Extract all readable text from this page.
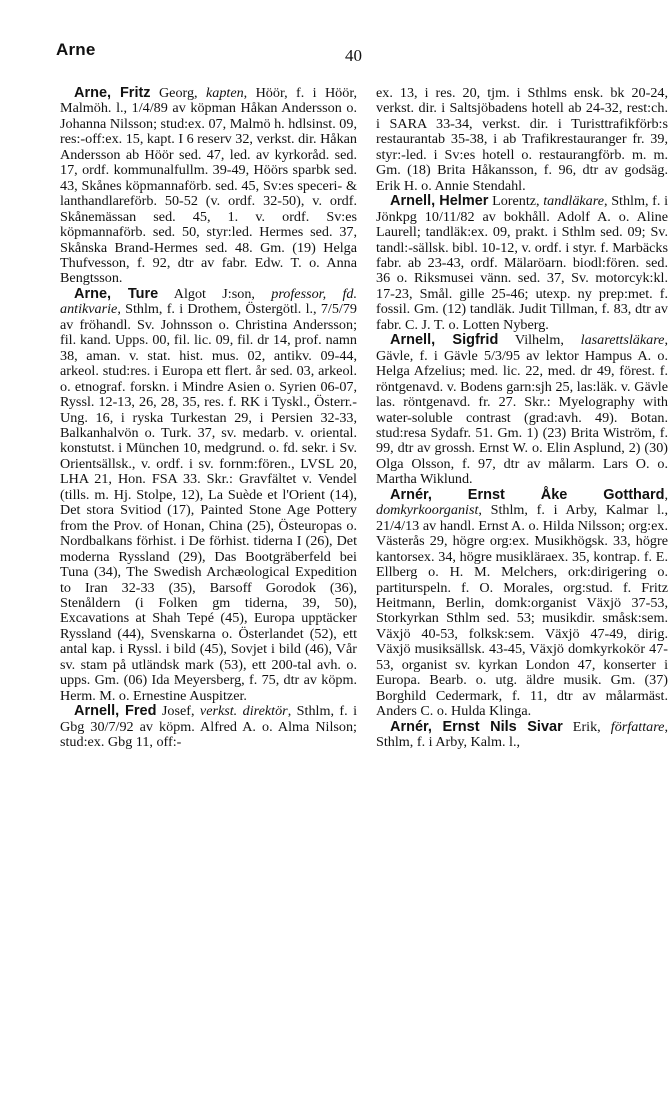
Arne	40

Arne, Fritz Georg, kapten, Höör, f. i Höör, Malmöh. l., 1/4/89 av köpman Håkan Andersson o. Johanna Nilsson; stud:ex. 07, Malmö h. hdlsinst. 09, res:-off:ex. 15, kapt. I 6 reserv 32, verkst. dir. Håkan Andersson ab Höör sed. 47, led. av kyrkoråd. sed. 17, ordf. kommunalfullm. 39-49, Höörs sparbk sed. 43, Skånes köpmannaförb. sed. 45, Sv:es speceri- & lanthandlareförb. 50-52 (v. ordf. 32-50), v. ordf. Skånemässan sed. 45, 1. v. ordf. Sv:es köpmannaförb. sed. 50, styr:led. Hermes sed. 37, Skånska Brand-Hermes sed. 48. Gm. (19) Helga Thufvesson, f. 92, dtr av fabr. Edw. T. o. Anna Bengtsson.

Arne, Ture Algot J:son, professor, fd. antikvarie, Sthlm, f. i Drothem, Östergötl. l., 7/5/79 av fröhandl. Sv. Johnsson o. Christina Andersson; fil. kand. Upps. 00, fil. lic. 09, fil. dr 14, prof. namn 38, aman. v. stat. hist. mus. 02, antikv. 09-44, arkeol. stud:res. i Europa ett flert. år sed. 03, arkeol. o. etnograf. forskn. i Mindre Asien o. Syrien 06-07, Ryssl. 12-13, 26, 28, 35, res. f. RK i Tyskl., Österr.-Ung. 16, i ryska Turkestan 29, i Persien 32-33, Balkanhalvön o. Turk. 37, sv. medarb. v. oriental. konstutst. i München 10, medgrund. o. fd. sekr. i Sv. Orientsällsk., v. ordf. i sv. fornm:fören., LVSL 20, LHA 21, Hon. FSA 33. Skr.: Gravfältet v. Vendel (tills. m. Hj. Stolpe, 12), La Suède et l'Orient (14), Det stora Svitiod (17), Painted Stone Age Pottery from the Prov. of Honan, China (25), Östeuropas o. Nordbalkans förhist. i De förhist. tiderna I (26), Det moderna Ryssland (29), Das Bootgräberfeld bei Tuna (34), The Swedish Archæological Expedition to Iran 32-33 (35), Barsoff Gorodok (36), Stenåldern (i Folken gm tiderna, 39, 50), Excavations at Shah Tepé (45), Europa upptäcker Ryssland (44), Svenskarna o. Österlandet (52), ett antal kap. i Ryssl. i bild (45), Sovjet i bild (46), Vår sv. stam på utländsk mark (53), ett 200-tal avh. o. upps. Gm. (06) Ida Meyersberg, f. 75, dtr av köpm. Herm. M. o. Ernestine Auspitzer.

Arnell, Fred Josef, verkst. direktör, Sthlm, f. i Gbg 30/7/92 av köpm. Alfred A. o. Alma Nilson; stud:ex. Gbg 11, off:-

ex. 13, i res. 20, tjm. i Sthlms ensk. bk 20-24, verkst. dir. i Saltsjöbadens hotell ab 24-32, rest:ch. i SARA 33-34, verkst. dir. i Turisttrafikförb:s restaurantab 35-38, i ab Trafikrestauranger fr. 39, styr:-led. i Sv:es hotell o. restaurangförb. m. m. Gm. (18) Brita Håkansson, f. 96, dtr av godsäg. Erik H. o. Annie Stendahl.

Arnell, Helmer Lorentz, tandläkare, Sthlm, f. i Jönkpg 10/11/82 av bokhåll. Adolf A. o. Aline Laurell; tandläk:ex. 09, prakt. i Sthlm sed. 09; Sv. tandl:-sällsk. bibl. 10-12, v. ordf. i styr. f. Marbäcks fabr. ab 23-43, ordf. Mälaröarn. biodl:fören. sed. 36 o. Riksmusei vänn. sed. 37, Sv. motorcyk:kl. 17-23, Smål. gille 25-46; utexp. ny prep:met. f. fossil. Gm. (12) tandläk. Judit Tillman, f. 83, dtr av fabr. C. J. T. o. Lotten Nyberg.

Arnell, Sigfrid Vilhelm, lasarettsläkare, Gävle, f. i Gävle 5/3/95 av lektor Hampus A. o. Helga Afzelius; med. lic. 22, med. dr 49, förest. f. röntgenavd. v. Bodens garn:sjh 25, las:läk. v. Gävle las. röntgenavd. fr. 27. Skr.: Myelography with water-soluble contrast (grad:avh. 49). Botan. stud:resa Sydafr. 51. Gm. 1) (23) Brita Wiström, f. 99, dtr av grossh. Ernst W. o. Elin Asplund, 2) (30) Olga Olsson, f. 97, dtr av målarm. Lars O. o. Martha Wiklund.

Arnér, Ernst Åke Gotthard, domkyrkoorganist, Sthlm, f. i Arby, Kalmar l., 21/4/13 av handl. Ernst A. o. Hilda Nilsson; org:ex. Västerås 29, högre org:ex. Musikhögsk. 33, högre kantorsex. 34, högre musikläraex. 35, kontrap. f. E. Ellberg o. H. M. Melchers, ork:dirigering o. partiturspeln. f. O. Morales, org:stud. f. Fritz Heitmann, Berlin, domk:organist Växjö 37-53, Storkyrkan Sthlm sed. 53; musikdir. småsk:sem. Växjö 40-53, folksk:sem. Växjö 47-49, dirig. Växjö musiksällsk. 43-45, Växjö domkyrkokör 47-53, organist sv. kyrkan London 47, konserter i Europa. Bearb. o. utg. äldre musik. Gm. (37) Borghild Cedermark, f. 11, dtr av målarmäst. Anders C. o. Hulda Klinga.

Arnér, Ernst Nils Sivar Erik, författare, Sthlm, f. i Arby, Kalm. l.,
